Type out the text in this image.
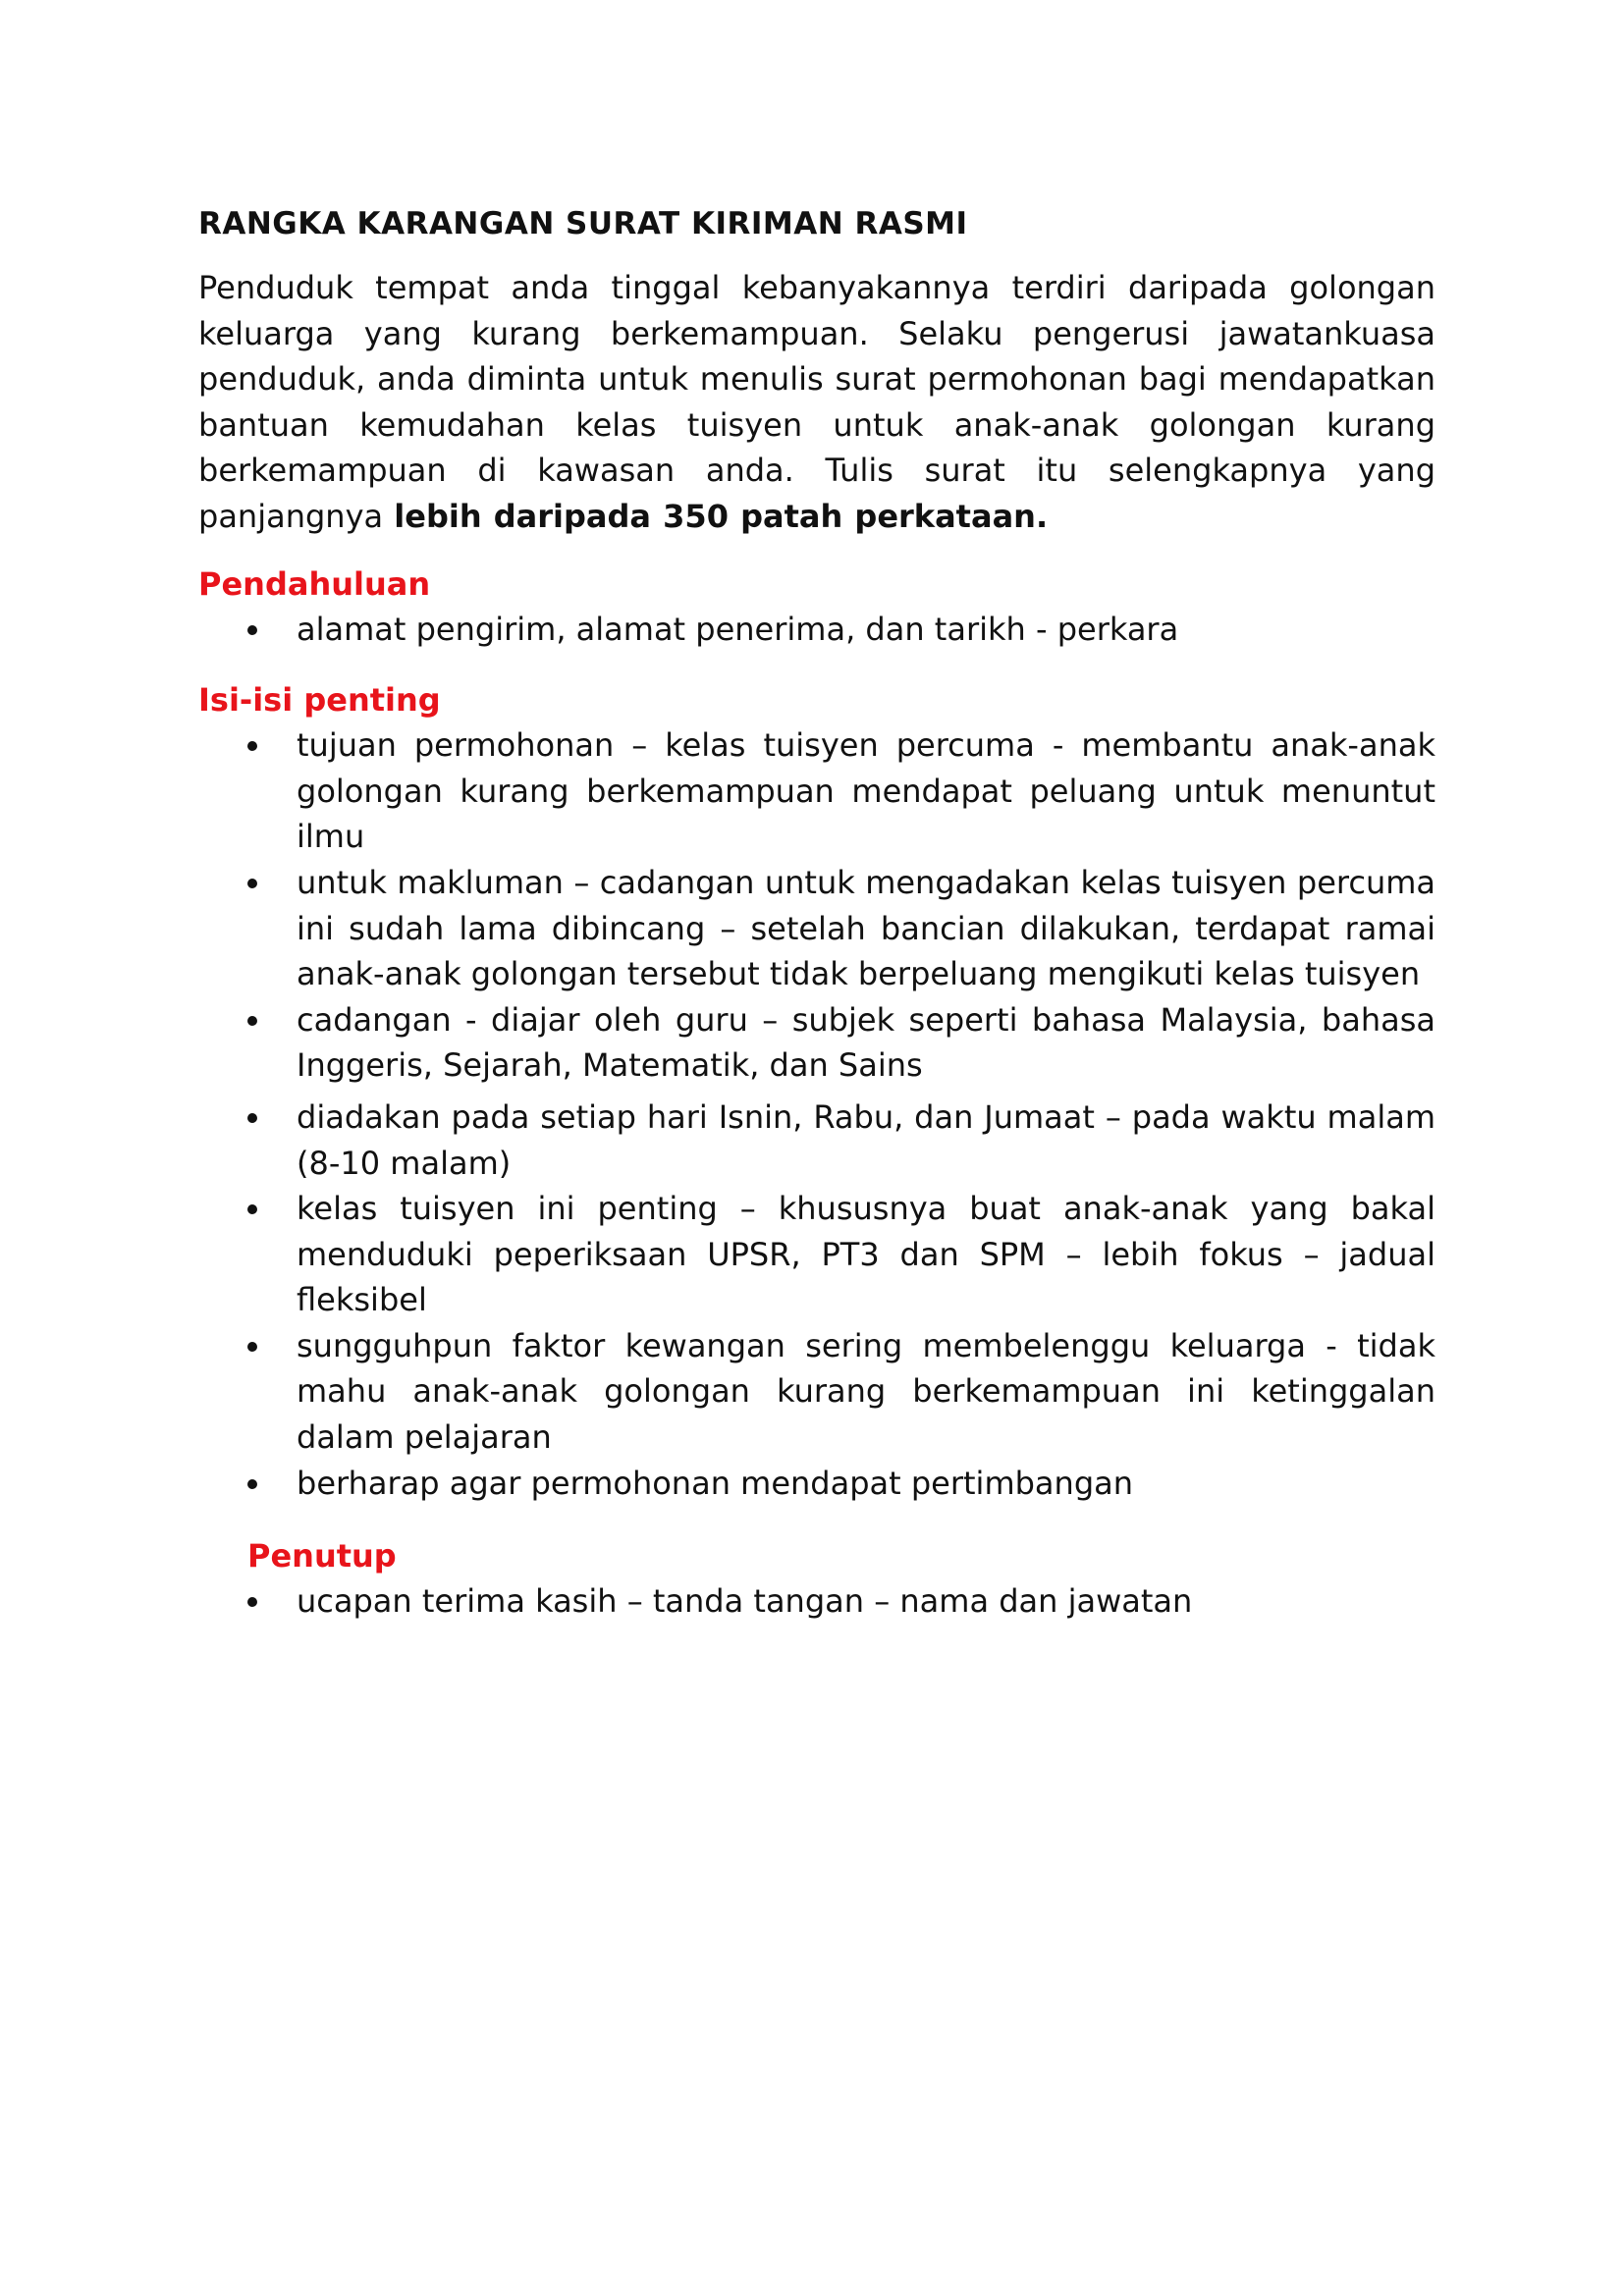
RANGKA KARANGAN SURAT KIRIMAN RASMI

Penduduk tempat anda tinggal kebanyakannya terdiri daripada golongan keluarga yang kurang berkemampuan. Selaku pengerusi jawatankuasa penduduk, anda diminta untuk menulis surat permohonan bagi mendapatkan bantuan kemudahan kelas tuisyen untuk anak-anak golongan kurang berkemampuan di kawasan anda. Tulis surat itu selengkapnya yang panjangnya lebih daripada 350 patah perkataan.

Pendahuluan
alamat pengirim, alamat penerima, dan tarikh - perkara
Isi-isi penting
tujuan permohonan – kelas tuisyen percuma - membantu anak-anak golongan kurang berkemampuan mendapat peluang untuk menuntut ilmu
untuk makluman – cadangan untuk mengadakan kelas tuisyen percuma ini sudah lama dibincang – setelah bancian dilakukan, terdapat ramai anak-anak golongan tersebut tidak berpeluang mengikuti kelas tuisyen
cadangan - diajar oleh guru – subjek seperti bahasa Malaysia, bahasa Inggeris, Sejarah, Matematik, dan Sains
diadakan pada setiap hari Isnin, Rabu, dan Jumaat – pada waktu malam (8-10 malam)
kelas tuisyen ini penting – khususnya buat anak-anak yang bakal menduduki peperiksaan UPSR, PT3 dan SPM – lebih fokus – jadual fleksibel
sungguhpun faktor kewangan sering membelenggu keluarga - tidak mahu anak-anak golongan kurang berkemampuan ini ketinggalan dalam pelajaran
berharap agar permohonan mendapat pertimbangan
Penutup
ucapan terima kasih – tanda tangan – nama dan jawatan
